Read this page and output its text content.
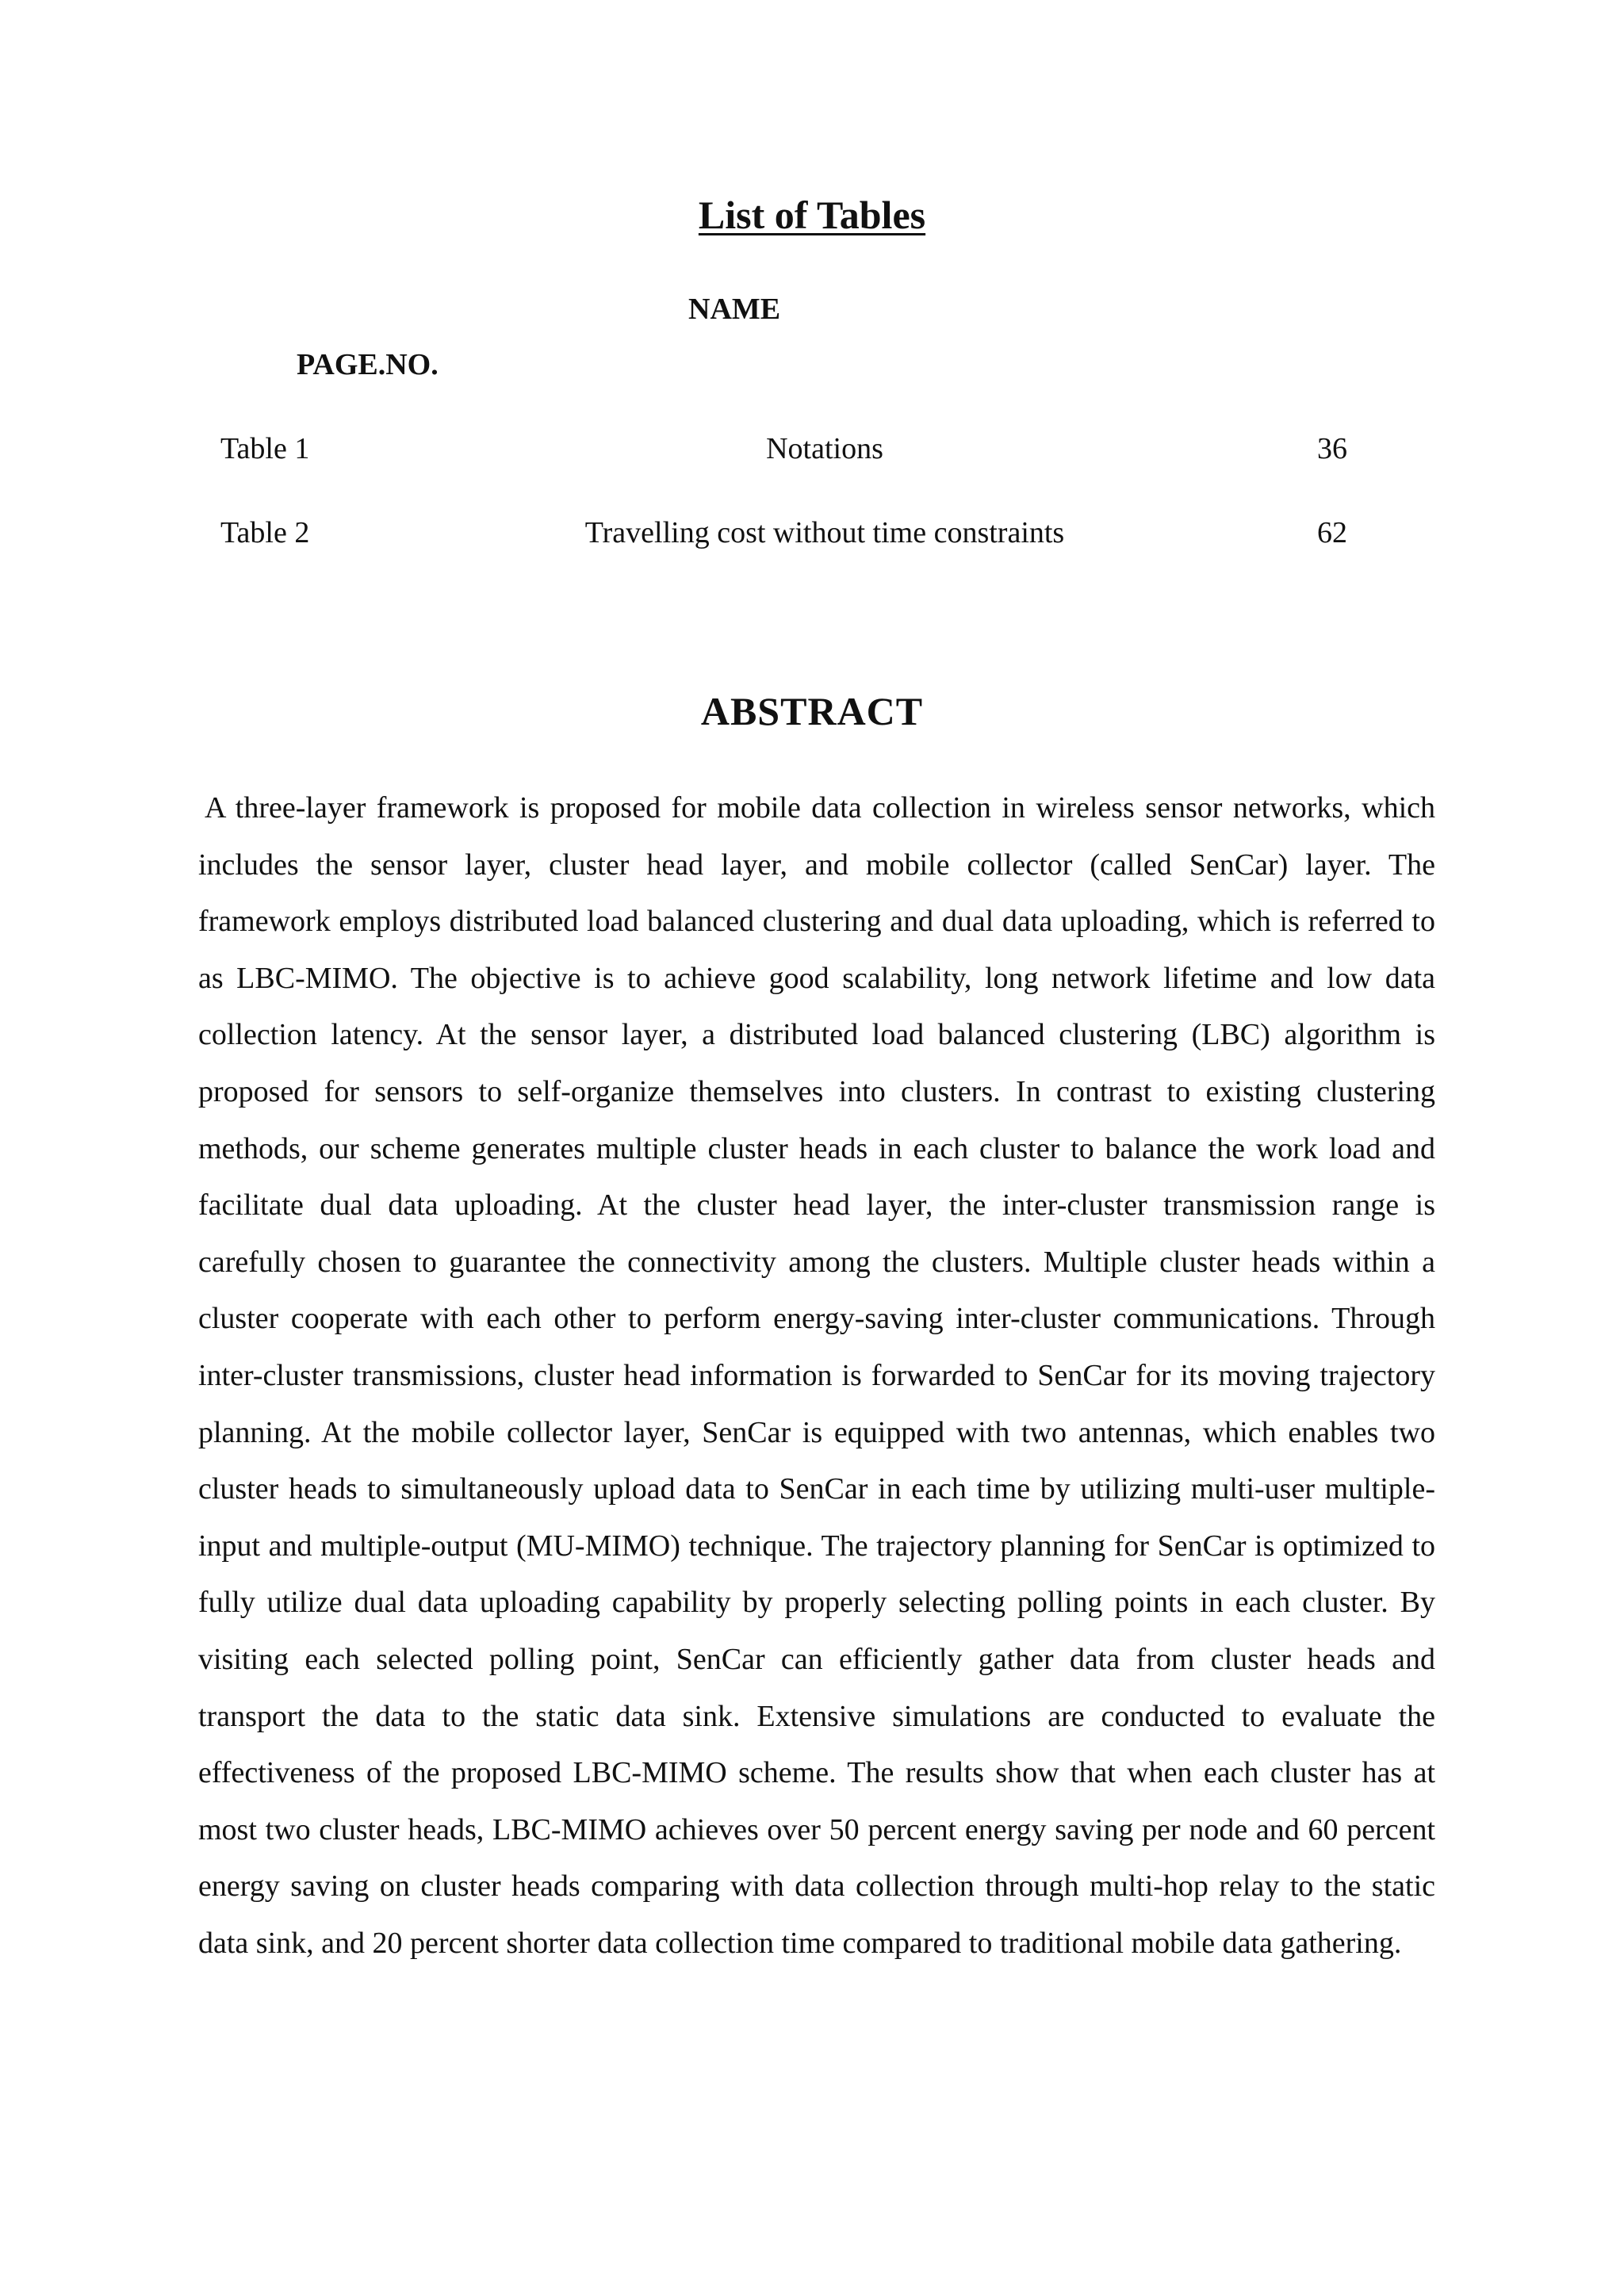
List of Tables
NAME
PAGE.NO.
Table 1	Notations	36
Table 2	Travelling cost without time constraints	62
ABSTRACT

A three-layer framework is proposed for mobile data collection in wireless sensor networks, which includes the sensor layer, cluster head layer, and mobile collector (called SenCar) layer. The framework employs distributed load balanced clustering and dual data uploading, which is referred to as LBC-MIMO. The objective is to achieve good scalability, long network lifetime and low data collection latency. At the sensor layer, a distributed load balanced clustering (LBC) algorithm is proposed for sensors to self-organize themselves into clusters. In contrast to existing clustering methods, our scheme generates multiple cluster heads in each cluster to balance the work load and facilitate dual data uploading. At the cluster head layer, the inter-cluster transmission range is carefully chosen to guarantee the connectivity among the clusters. Multiple cluster heads within a cluster cooperate with each other to perform energy-saving inter-cluster communications. Through inter-cluster transmissions, cluster head information is forwarded to SenCar for its moving trajectory planning. At the mobile collector layer, SenCar is equipped with two antennas, which enables two cluster heads to simultaneously upload data to SenCar in each time by utilizing multi-user multiple-input and multiple-output (MU-MIMO) technique. The trajectory planning for SenCar is optimized to fully utilize dual data uploading capability by properly selecting polling points in each cluster. By visiting each selected polling point, SenCar can efficiently gather data from cluster heads and transport the data to the static data sink. Extensive simulations are conducted to evaluate the effectiveness of the proposed LBC-MIMO scheme. The results show that when each cluster has at most two cluster heads, LBC-MIMO achieves over 50 percent energy saving per node and 60 percent energy saving on cluster heads comparing with data collection through multi-hop relay to the static data sink, and 20 percent shorter data collection time compared to traditional mobile data gathering.
